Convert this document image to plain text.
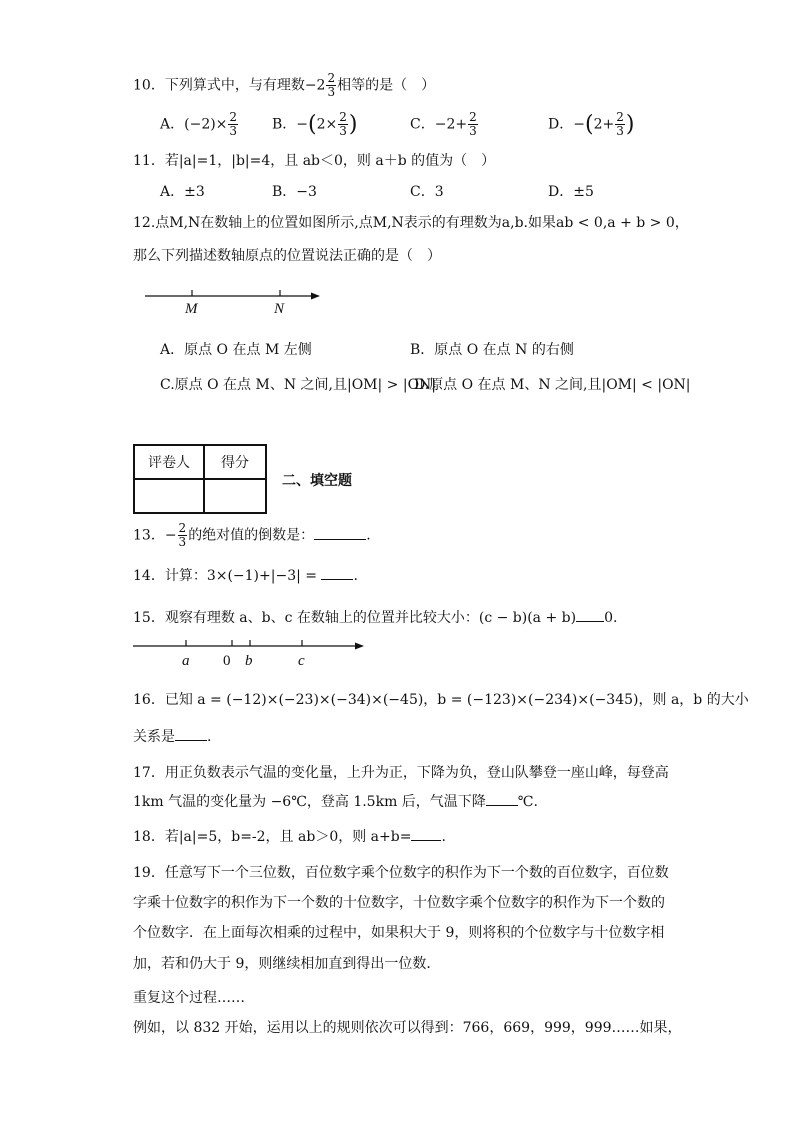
10．下列算式中，与有理数$-2 \frac{2}{3}$ 相等的是（　）
A．$(-2)\times \frac{2}{3}$ B．$-(2\times \frac{2}{3}$ )	C．$-2+ \frac{2}{3}$	D．$-(2+ \frac{2}{3}$ )
11．若|a|=1，|b|=4，且 ab＜0，则 a＋b 的值为（　）
A．±3	B．−3	C．3	D．±5
12.点M,N在数轴上的位置如图所示,点M,N表示的有理数为a,b.如果ab < 0,a + b > 0，
那么下列描述数轴原点的位置说法正确的是（　）
M	N
A．原点 O 在点 M 左侧	B．原点 O 在点 N 的右侧
C.原点 O 在点 M、N 之间,且|OM| > |ON|
D.原点 O 在点 M、N 之间,且|OM| < |ON|
评卷人	得分

二、填空题
13．− $\frac{2}{3}$ 的绝对值的倒数是：	.
14．计算：3×(−1)+|−3| =	.
15．观察有理数 a、b、c 在数轴上的位置并比较大小：(c − b)(a + b) 0.
a 0 b	c
16．已知 a = (−12)×(−23)×(−34)×(−45)，b = (−123)×(−234)×(−345)，则 a，b 的大小
关系是 .
17．用正负数表示气温的变化量，上升为正，下降为负，登山队攀登一座山峰，每登高
1km 气温的变化量为 −6℃，登高 1.5km 后，气温下降 ℃.
18．若|a|=5，b=-2，且 ab＞0，则 a+b= .
19．任意写下一个三位数，百位数字乘个位数字的积作为下一个数的百位数字，百位数
字乘十位数字的积作为下一个数的十位数字，十位数字乘个位数字的积作为下一个数的
个位数字．在上面每次相乘的过程中，如果积大于 9，则将积的个位数字与十位数字相
加，若和仍大于 9，则继续相加直到得出一位数．
重复这个过程……
例如，以 832 开始，运用以上的规则依次可以得到：766，669，999，999……如果，
